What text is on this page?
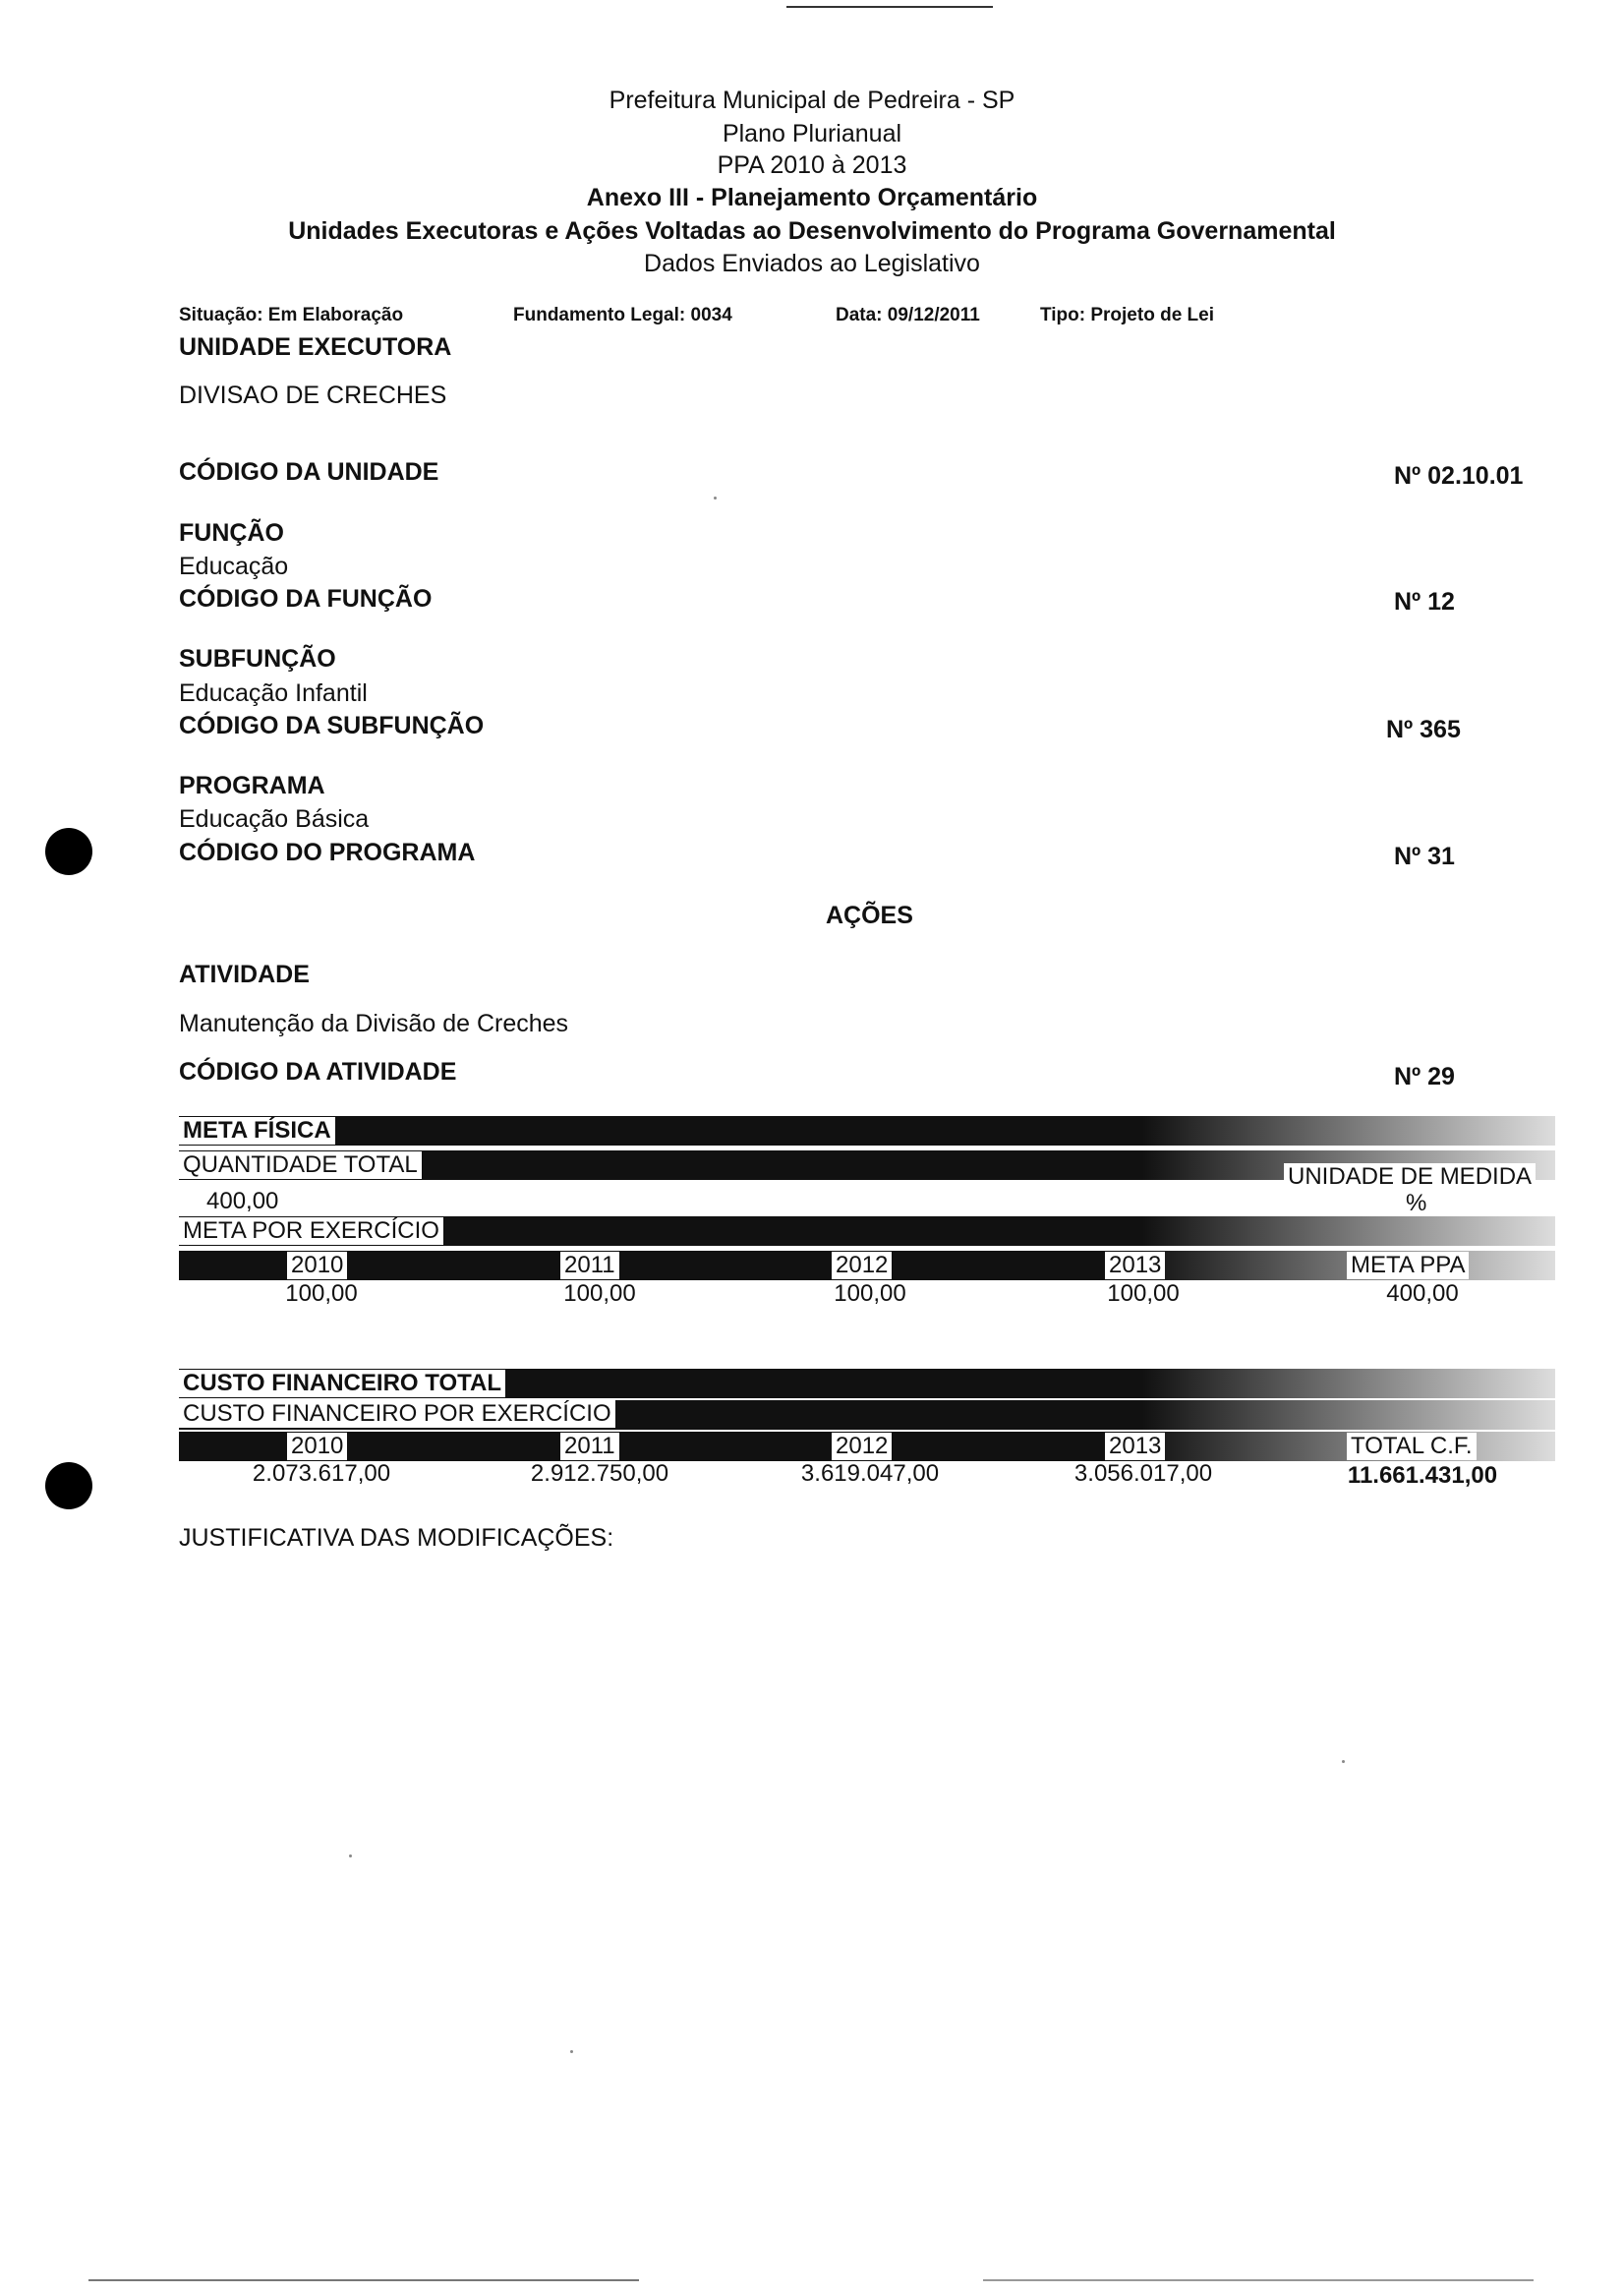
Prefeitura Municipal de Pedreira - SP
Plano Plurianual
PPA 2010 à 2013
Anexo III - Planejamento Orçamentário
Unidades Executoras e Ações Voltadas ao Desenvolvimento do Programa Governamental
Dados Enviados ao Legislativo
Situação: Em Elaboração	Fundamento Legal: 0034	Data: 09/12/2011	Tipo: Projeto de Lei
UNIDADE EXECUTORA
DIVISAO DE CRECHES
CÓDIGO DA UNIDADE	Nº 02.10.01
FUNÇÃO
Educação
CÓDIGO DA FUNÇÃO	Nº 12
SUBFUNÇÃO
Educação Infantil
CÓDIGO DA SUBFUNÇÃO	Nº 365
PROGRAMA
Educação Básica
CÓDIGO DO PROGRAMA	Nº 31
AÇÕES
ATIVIDADE
Manutenção da Divisão de Creches
CÓDIGO DA ATIVIDADE	Nº 29
META FÍSICA
QUANTIDADE TOTAL	UNIDADE DE MEDIDA
400,00	%
META POR EXERCÍCIO
2010	2011	2012	2013	META PPA
100,00	100,00	100,00	100,00	400,00
CUSTO FINANCEIRO TOTAL
CUSTO FINANCEIRO POR EXERCÍCIO
2010	2011	2012	2013	TOTAL C.F.
2.073.617,00	2.912.750,00	3.619.047,00	3.056.017,00	11.661.431,00
JUSTIFICATIVA DAS MODIFICAÇÕES:
